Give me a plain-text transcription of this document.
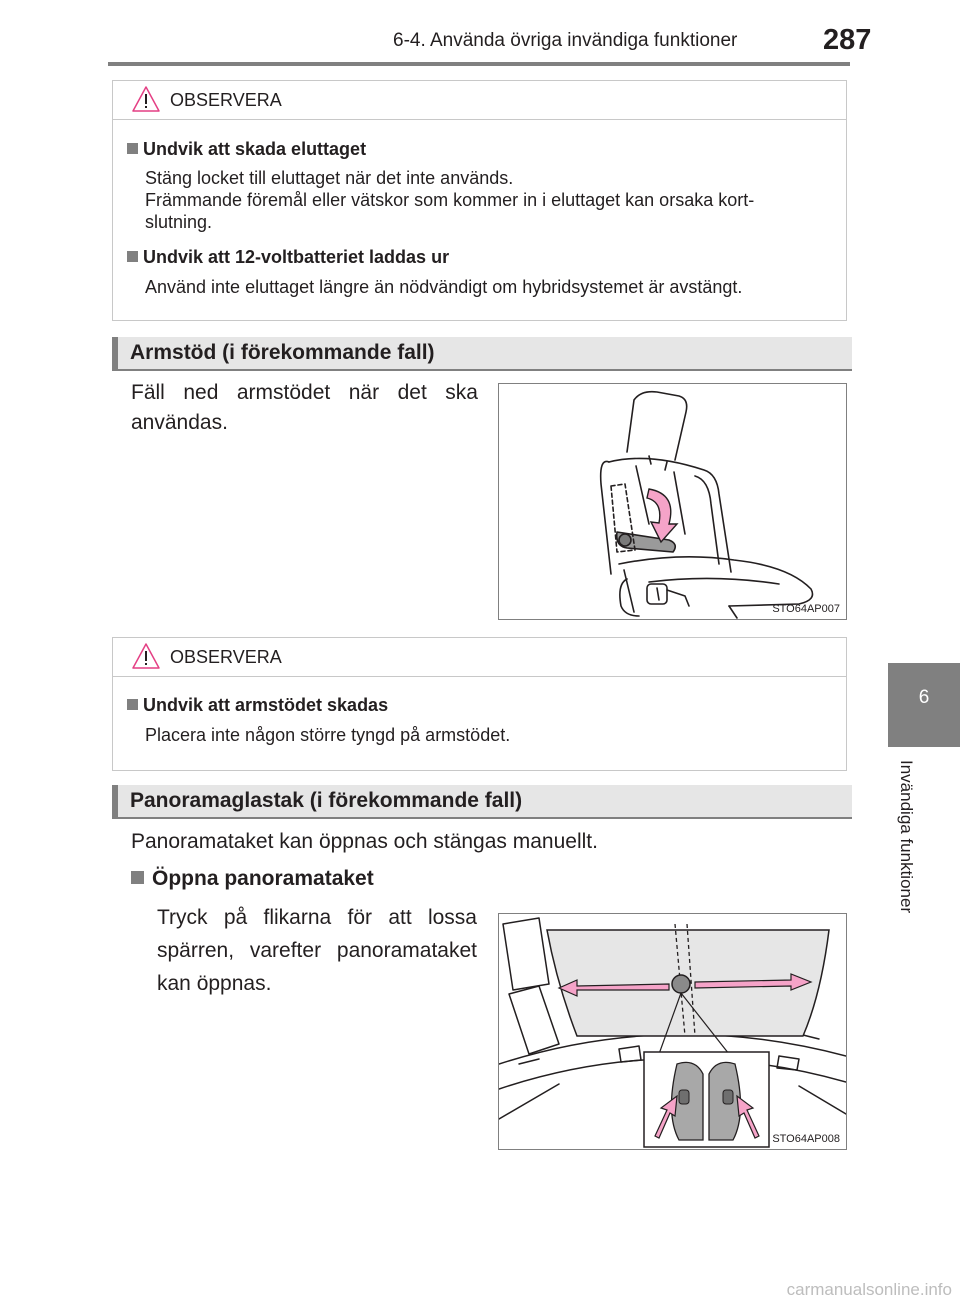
6-4. Använda övriga invändiga funktioner	287
6
Invändiga funktioner
OBSERVERA
Undvik att skada eluttaget
Stäng locket till eluttaget när det inte används.
Främmande föremål eller vätskor som kommer in i eluttaget kan orsaka kort-
slutning.
Undvik att 12-voltbatteriet laddas ur
Använd inte eluttaget längre än nödvändigt om hybridsystemet är avstängt.
Armstöd (i förekommande fall)
Fäll ned armstödet när det ska användas.
STO64AP007
OBSERVERA
Undvik att armstödet skadas
Placera inte någon större tyngd på armstödet.
Panoramaglastak (i förekommande fall)
Panoramataket kan öppnas och stängas manuellt.
Öppna panoramataket
Tryck på flikarna för att lossa spärren, varefter panoramataket kan öppnas.
STO64AP008
carmanualsonline.info
